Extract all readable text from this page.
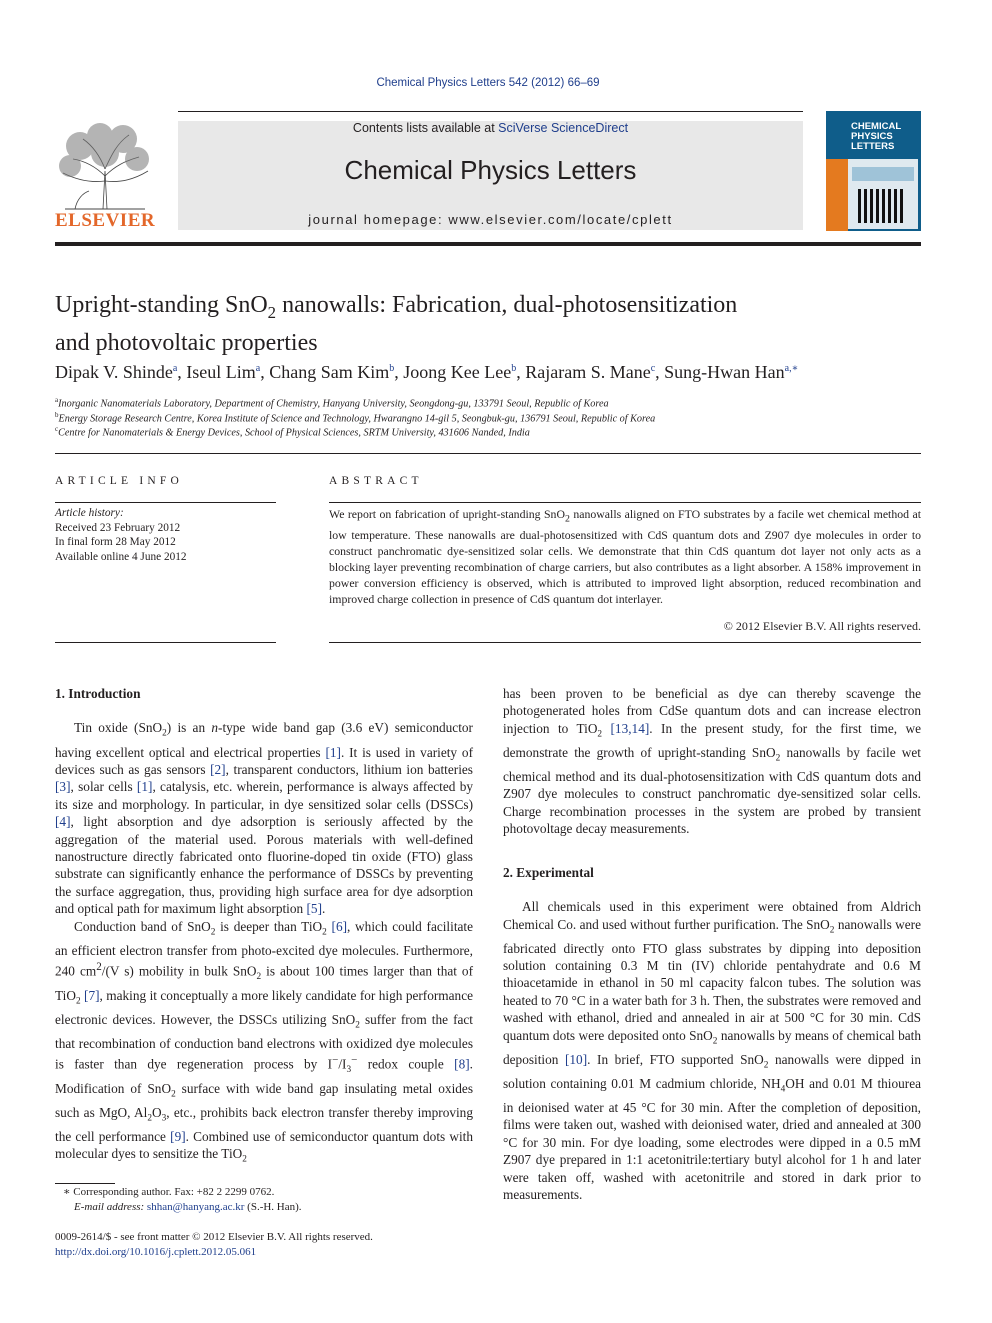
Chemical Physics Letters 542 (2012) 66–69
ELSEVIER
Contents lists available at SciVerse ScienceDirect
Chemical Physics Letters
journal homepage: www.elsevier.com/locate/cplett
CHEMICAL
PHYSICS
LETTERS
Upright-standing SnO$_2$ nanowalls: Fabrication, dual-photosensitization
and photovoltaic properties
Dipak V. Shinde$^a$, Iseul Lim$^a$, Chang Sam Kim$^b$, Joong Kee Lee$^b$, Rajaram S. Mane$^c$, Sung-Hwan Han$^{a,∗}$
$^a$Inorganic Nanomaterials Laboratory, Department of Chemistry, Hanyang University, Seongdong-gu, 133791 Seoul, Republic of Korea
$^b$Energy Storage Research Centre, Korea Institute of Science and Technology, Hwarangno 14-gil 5, Seongbuk-gu, 136791 Seoul, Republic of Korea
$^c$Centre for Nanomaterials & Energy Devices, School of Physical Sciences, SRTM University, 431606 Nanded, India
ARTICLE INFO
Article history:
Received 23 February 2012
In final form 28 May 2012
Available online 4 June 2012
ABSTRACT
We report on fabrication of upright-standing SnO$_2$ nanowalls aligned on FTO substrates by a facile wet chemical method at low temperature. These nanowalls are dual-photosensitized with CdS quantum dots and Z907 dye molecules in order to construct panchromatic dye-sensitized solar cells. We demonstrate that thin CdS quantum dot layer not only acts as a blocking layer preventing recombination of charge carriers, but also contributes as a light absorber. A 158% improvement in power conversion efficiency is observed, which is attributed to improved light absorption, reduced recombination and improved charge collection in presence of CdS quantum dot interlayer.
© 2012 Elsevier B.V. All rights reserved.
1. Introduction

Tin oxide (SnO$_2$) is an n-type wide band gap (3.6 eV) semiconductor having excellent optical and electrical properties [1]. It is used in variety of devices such as gas sensors [2], transparent conductors, lithium ion batteries [3], solar cells [1], catalysis, etc. wherein, performance is always affected by its size and morphology. In particular, in dye sensitized solar cells (DSSCs) [4], light absorption and dye adsorption is seriously affected by the aggregation of the material used. Porous materials with well-defined nanostructure directly fabricated onto fluorine-doped tin oxide (FTO) glass substrate can significantly enhance the performance of DSSCs by preventing the surface aggregation, thus, providing high surface area for dye adsorption and optical path for maximum light absorption [5].

Conduction band of SnO$_2$ is deeper than TiO$_2$ [6], which could facilitate an efficient electron transfer from photo-excited dye molecules. Furthermore, 240 $cm^2/(V$ s) mobility in bulk SnO$_2$ is about 100 times larger than that of TiO$_2$ [7], making it conceptually a more likely candidate for high performance electronic devices. However, the DSSCs utilizing SnO$_2$ suffer from the fact that recombination of conduction band electrons with oxidized dye molecules is faster than dye regeneration process by $I^-/I_3^-$ redox couple [8]. Modification of SnO$_2$ surface with wide band gap insulating metal oxides such as MgO, $Al_2O_3$, etc., prohibits back electron transfer thereby improving the cell performance [9]. Combined use of semiconductor quantum dots with molecular dyes to sensitize the TiO$_2$

∗ Corresponding author. Fax: +82 2 2299 0762.
E-mail address: shhan@hanyang.ac.kr (S.-H. Han).
0009-2614/$ - see front matter © 2012 Elsevier B.V. All rights reserved.
http://dx.doi.org/10.1016/j.cplett.2012.05.061

has been proven to be beneficial as dye can thereby scavenge the photogenerated holes from CdSe quantum dots and can increase electron injection to TiO$_2$ [13,14]. In the present study, for the first time, we demonstrate the growth of upright-standing SnO$_2$ nanowalls by facile wet chemical method and its dual-photosensitization with CdS quantum dots and Z907 dye molecules to construct panchromatic dye-sensitized solar cells. Charge recombination processes in the system are probed by transient photovoltage decay measurements.

2. Experimental

All chemicals used in this experiment were obtained from Aldrich Chemical Co. and used without further purification. The SnO$_2$ nanowalls were fabricated directly onto FTO glass substrates by dipping into deposition solution containing 0.3 M tin (IV) chloride pentahydrate and 0.6 M thioacetamide in ethanol in 50 ml capacity falcon tubes. The solution was heated to 70 °C in a water bath for 3 h. Then, the substrates were removed and washed with ethanol, dried and annealed in air at 500 °C for 30 min. CdS quantum dots were deposited onto SnO$_2$ nanowalls by means of chemical bath deposition [10]. In brief, FTO supported SnO$_2$ nanowalls were dipped in solution containing 0.01 M cadmium chloride, $NH_4OH$ and 0.01 M thiourea in deionised water at 45 °C for 30 min. After the completion of deposition, films were taken out, washed with deionised water, dried and annealed at 300 °C for 30 min. For dye loading, some electrodes were dipped in a 0.5 mM Z907 dye prepared in 1:1 acetonitrile:tertiary butyl alcohol for 1 h and later were taken off, washed with acetonitrile and stored in dark prior to measurements.
